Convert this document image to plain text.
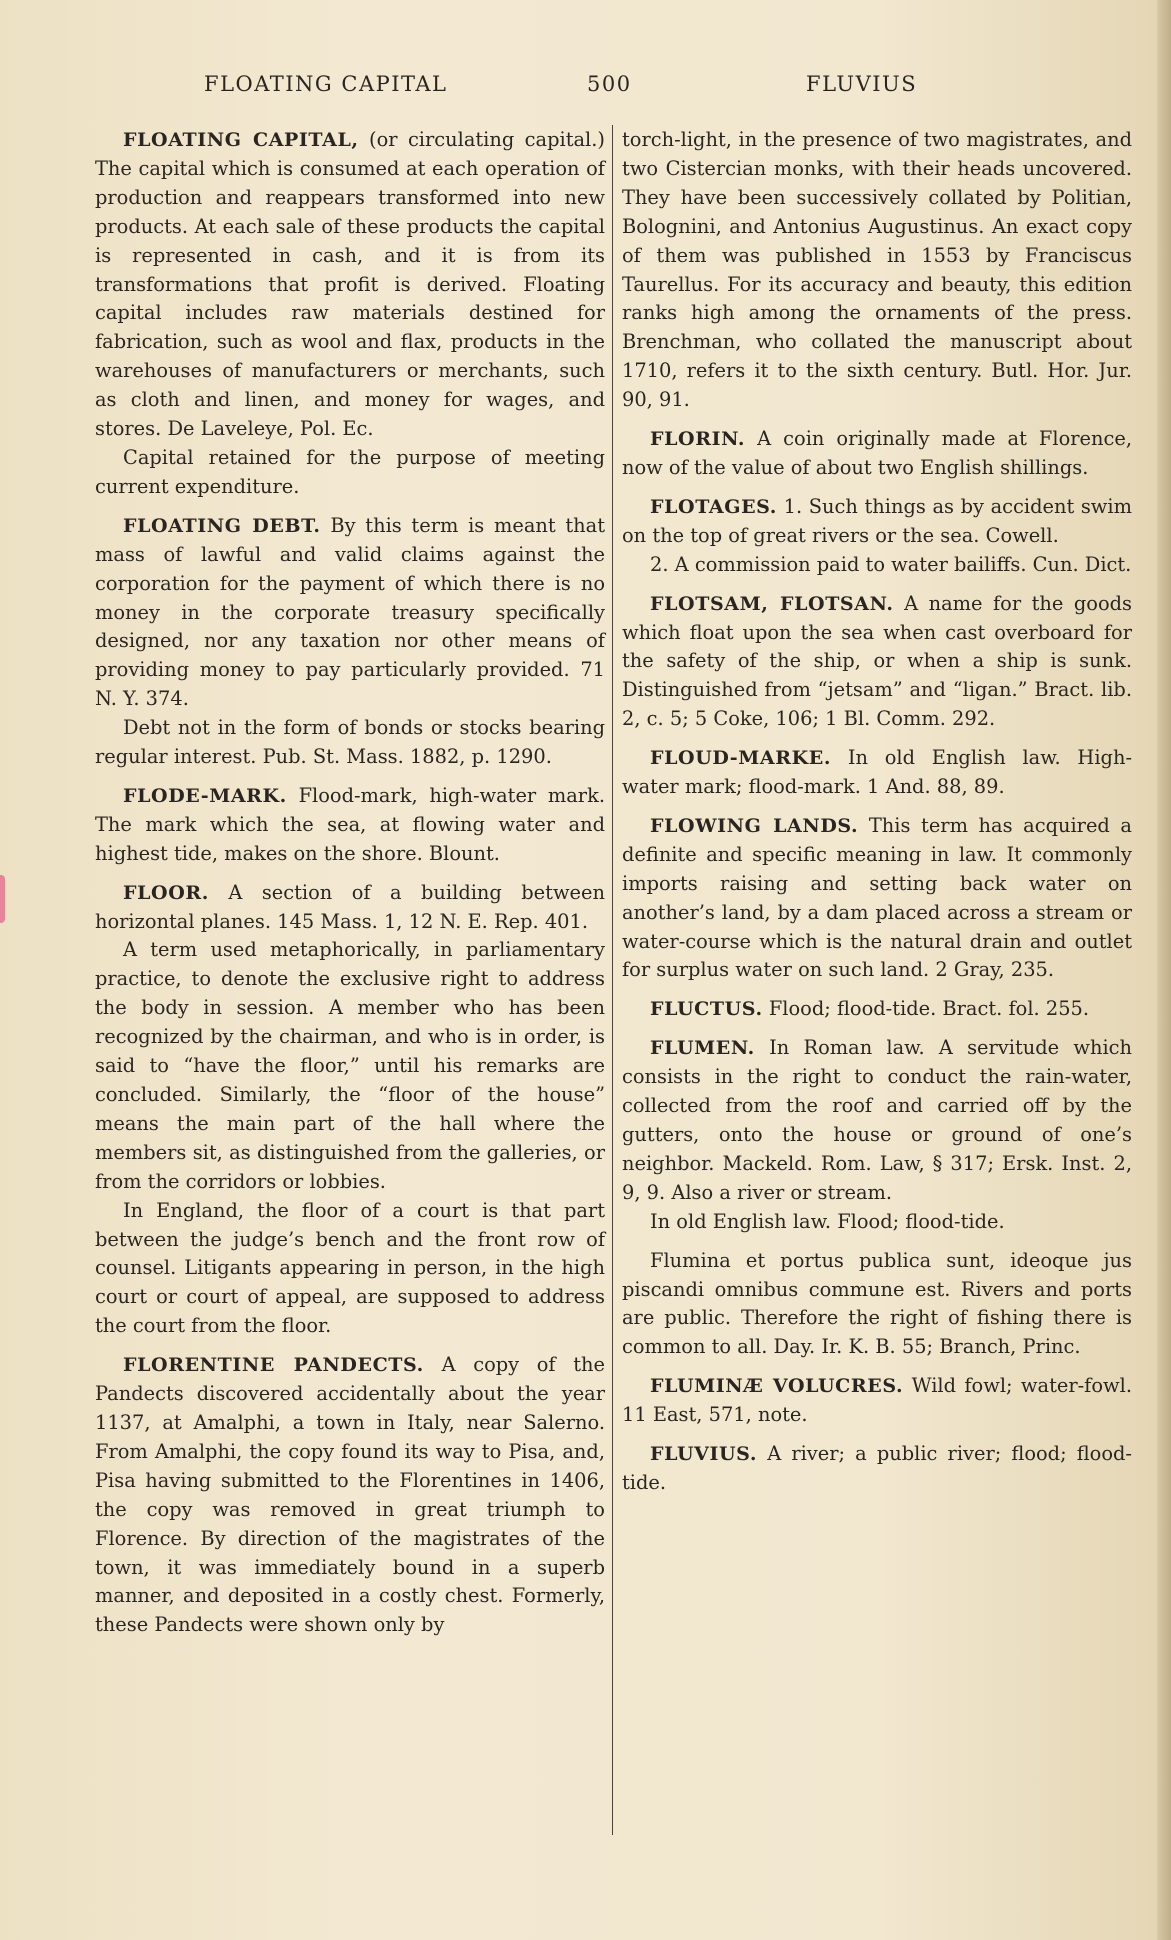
FLOATING CAPITAL	500	FLUVIUS

FLOATING CAPITAL, (or circulating capital.) The capital which is consumed at each operation of production and reappears transformed into new products. At each sale of these products the capital is represented in cash, and it is from its transformations that profit is derived. Floating capital includes raw materials destined for fabrication, such as wool and flax, products in the warehouses of manufacturers or merchants, such as cloth and linen, and money for wages, and stores. De Laveleye, Pol. Ec.

Capital retained for the purpose of meeting current expenditure.

FLOATING DEBT. By this term is meant that mass of lawful and valid claims against the corporation for the payment of which there is no money in the corporate treasury specifically designed, nor any taxation nor other means of providing money to pay particularly provided. 71 N. Y. 374.

Debt not in the form of bonds or stocks bearing regular interest. Pub. St. Mass. 1882, p. 1290.

FLODE-MARK. Flood-mark, high-water mark. The mark which the sea, at flowing water and highest tide, makes on the shore. Blount.

FLOOR. A section of a building between horizontal planes. 145 Mass. 1, 12 N. E. Rep. 401.

A term used metaphorically, in parliamentary practice, to denote the exclusive right to address the body in session. A member who has been recognized by the chairman, and who is in order, is said to “have the floor,” until his remarks are concluded. Similarly, the “floor of the house” means the main part of the hall where the members sit, as distinguished from the galleries, or from the corridors or lobbies.

In England, the floor of a court is that part between the judge’s bench and the front row of counsel. Litigants appearing in person, in the high court or court of appeal, are supposed to address the court from the floor.

FLORENTINE PANDECTS. A copy of the Pandects discovered accidentally about the year 1137, at Amalphi, a town in Italy, near Salerno. From Amalphi, the copy found its way to Pisa, and, Pisa having submitted to the Florentines in 1406, the copy was removed in great triumph to Florence. By direction of the magistrates of the town, it was immediately bound in a superb manner, and deposited in a costly chest. Formerly, these Pandects were shown only by

torch-light, in the presence of two magistrates, and two Cistercian monks, with their heads uncovered. They have been successively collated by Politian, Bolognini, and Antonius Augustinus. An exact copy of them was published in 1553 by Franciscus Taurellus. For its accuracy and beauty, this edition ranks high among the ornaments of the press. Brenchman, who collated the manuscript about 1710, refers it to the sixth century. Butl. Hor. Jur. 90, 91.

FLORIN. A coin originally made at Florence, now of the value of about two English shillings.

FLOTAGES. 1. Such things as by accident swim on the top of great rivers or the sea. Cowell.

2. A commission paid to water bailiffs. Cun. Dict.

FLOTSAM, FLOTSAN. A name for the goods which float upon the sea when cast overboard for the safety of the ship, or when a ship is sunk. Distinguished from “jetsam” and “ligan.” Bract. lib. 2, c. 5; 5 Coke, 106; 1 Bl. Comm. 292.

FLOUD-MARKE. In old English law. High-water mark; flood-mark. 1 And. 88, 89.

FLOWING LANDS. This term has acquired a definite and specific meaning in law. It commonly imports raising and setting back water on another’s land, by a dam placed across a stream or water-course which is the natural drain and outlet for surplus water on such land. 2 Gray, 235.

FLUCTUS. Flood; flood-tide. Bract. fol. 255.

FLUMEN. In Roman law. A servitude which consists in the right to conduct the rain-water, collected from the roof and carried off by the gutters, onto the house or ground of one’s neighbor. Mackeld. Rom. Law, § 317; Ersk. Inst. 2, 9, 9. Also a river or stream.

In old English law. Flood; flood-tide.

Flumina et portus publica sunt, ideoque jus piscandi omnibus commune est. Rivers and ports are public. Therefore the right of fishing there is common to all. Day. Ir. K. B. 55; Branch, Princ.

FLUMINÆ VOLUCRES. Wild fowl; water-fowl. 11 East, 571, note.

FLUVIUS. A river; a public river; flood; flood-tide.
